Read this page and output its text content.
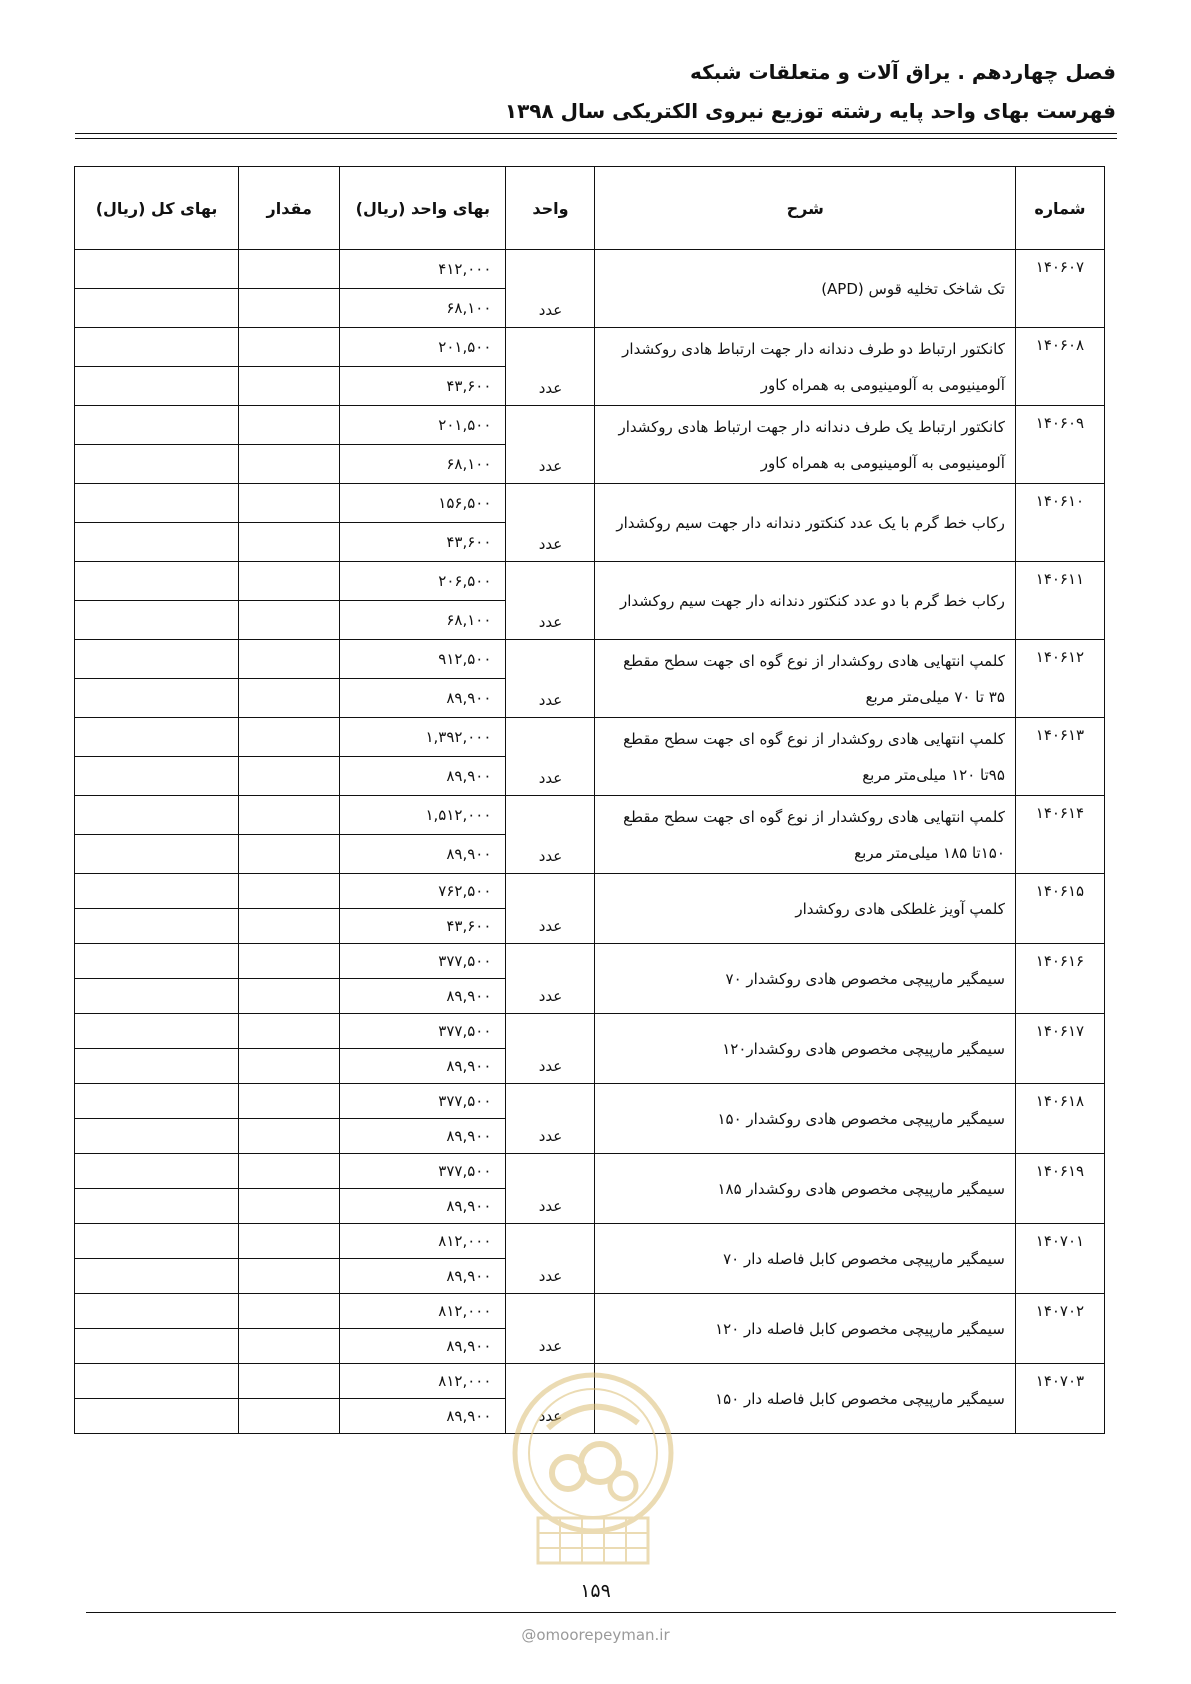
فصل چهاردهم . یراق آلات و متعلقات شبکه
فهرست بهای واحد پایه رشته توزیع نیروی الکتریکی سال ۱۳۹۸
بهای کل (ریال)	مقدار	بهای واحد (ریال)	واحد	شرح	شماره
		۴۱۲,۰۰۰	عدد	تک شاخک تخلیه قوس (APD)	۱۴۰۶۰۷
		۶۸,۱۰۰			
		۲۰۱,۵۰۰	عدد	کانکتور ارتباط دو طرف دندانه دار جهت ارتباط هادی روکشدار آلومینیومی به آلومینیومی به همراه کاور	۱۴۰۶۰۸
		۴۳,۶۰۰			
		۲۰۱,۵۰۰	عدد	کانکتور ارتباط یک طرف دندانه دار جهت ارتباط هادی روکشدار آلومینیومی به آلومینیومی به همراه کاور	۱۴۰۶۰۹
		۶۸,۱۰۰			
		۱۵۶,۵۰۰	عدد	رکاب خط گرم با یک عدد کنکتور دندانه دار جهت سیم روکشدار	۱۴۰۶۱۰
		۴۳,۶۰۰			
		۲۰۶,۵۰۰	عدد	رکاب خط گرم با دو عدد کنکتور دندانه دار جهت سیم روکشدار	۱۴۰۶۱۱
		۶۸,۱۰۰			
		۹۱۲,۵۰۰	عدد	کلمپ انتهایی هادی روکشدار از نوع گوه ای جهت سطح مقطع ۳۵ تا ۷۰ میلی‌متر مربع	۱۴۰۶۱۲
		۸۹,۹۰۰			
		۱,۳۹۲,۰۰۰	عدد	کلمپ انتهایی هادی روکشدار از نوع گوه ای جهت سطح مقطع ۹۵تا ۱۲۰ میلی‌متر مربع	۱۴۰۶۱۳
		۸۹,۹۰۰			
		۱,۵۱۲,۰۰۰	عدد	کلمپ انتهایی هادی روکشدار از نوع گوه ای جهت سطح مقطع ۱۵۰تا ۱۸۵ میلی‌متر مربع	۱۴۰۶۱۴
		۸۹,۹۰۰			
		۷۶۲,۵۰۰	عدد	کلمپ آویز غلطکی هادی روکشدار	۱۴۰۶۱۵
		۴۳,۶۰۰			
		۳۷۷,۵۰۰	عدد	سیمگیر مارپیچی مخصوص هادی روکشدار ۷۰	۱۴۰۶۱۶
		۸۹,۹۰۰			
		۳۷۷,۵۰۰	عدد	سیمگیر مارپیچی مخصوص هادی روکشدار۱۲۰	۱۴۰۶۱۷
		۸۹,۹۰۰			
		۳۷۷,۵۰۰	عدد	سیمگیر مارپیچی مخصوص هادی روکشدار ۱۵۰	۱۴۰۶۱۸
		۸۹,۹۰۰			
		۳۷۷,۵۰۰	عدد	سیمگیر مارپیچی مخصوص هادی روکشدار ۱۸۵	۱۴۰۶۱۹
		۸۹,۹۰۰			
		۸۱۲,۰۰۰	عدد	سیمگیر مارپیچی مخصوص کابل فاصله دار ۷۰	۱۴۰۷۰۱
		۸۹,۹۰۰			
		۸۱۲,۰۰۰	عدد	سیمگیر مارپیچی مخصوص کابل فاصله دار ۱۲۰	۱۴۰۷۰۲
		۸۹,۹۰۰			
		۸۱۲,۰۰۰	عدد	سیمگیر مارپیچی مخصوص کابل فاصله دار ۱۵۰	۱۴۰۷۰۳
		۸۹,۹۰۰			
۱۵۹
@omoorepeyman.ir
